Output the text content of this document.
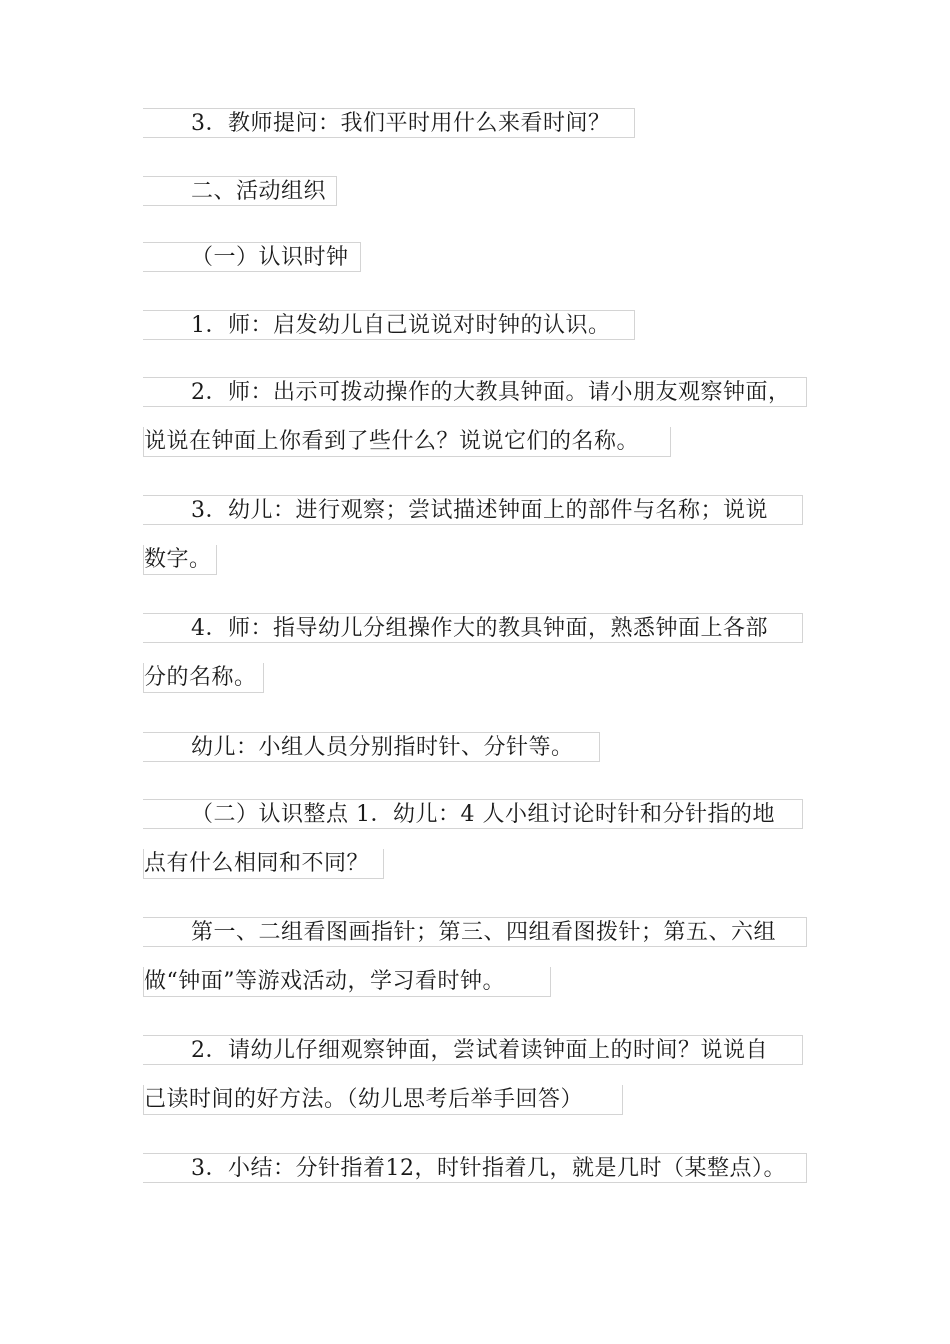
3．教师提问：我们平时用什么来看时间？
二、活动组织
（一）认识时钟
1．师：启发幼儿自己说说对时钟的认识。
2．师：出示可拨动操作的大教具钟面。请小朋友观察钟面，
说说在钟面上你看到了些什么？说说它们的名称。
3．幼儿：进行观察；尝试描述钟面上的部件与名称；说说
数字。
4．师：指导幼儿分组操作大的教具钟面，熟悉钟面上各部
分的名称。
幼儿：小组人员分别指时针、分针等。
（二）认识整点 1．幼儿：4 人小组讨论时针和分针指的地
点有什么相同和不同？
第一、二组看图画指针；第三、四组看图拨针；第五、六组
做“钟面”等游戏活动，学习看时钟。
2．请幼儿仔细观察钟面，尝试着读钟面上的时间？说说自
己读时间的好方法。（幼儿思考后举手回答）
3．小结：分针指着12，时针指着几，就是几时（某整点）。
